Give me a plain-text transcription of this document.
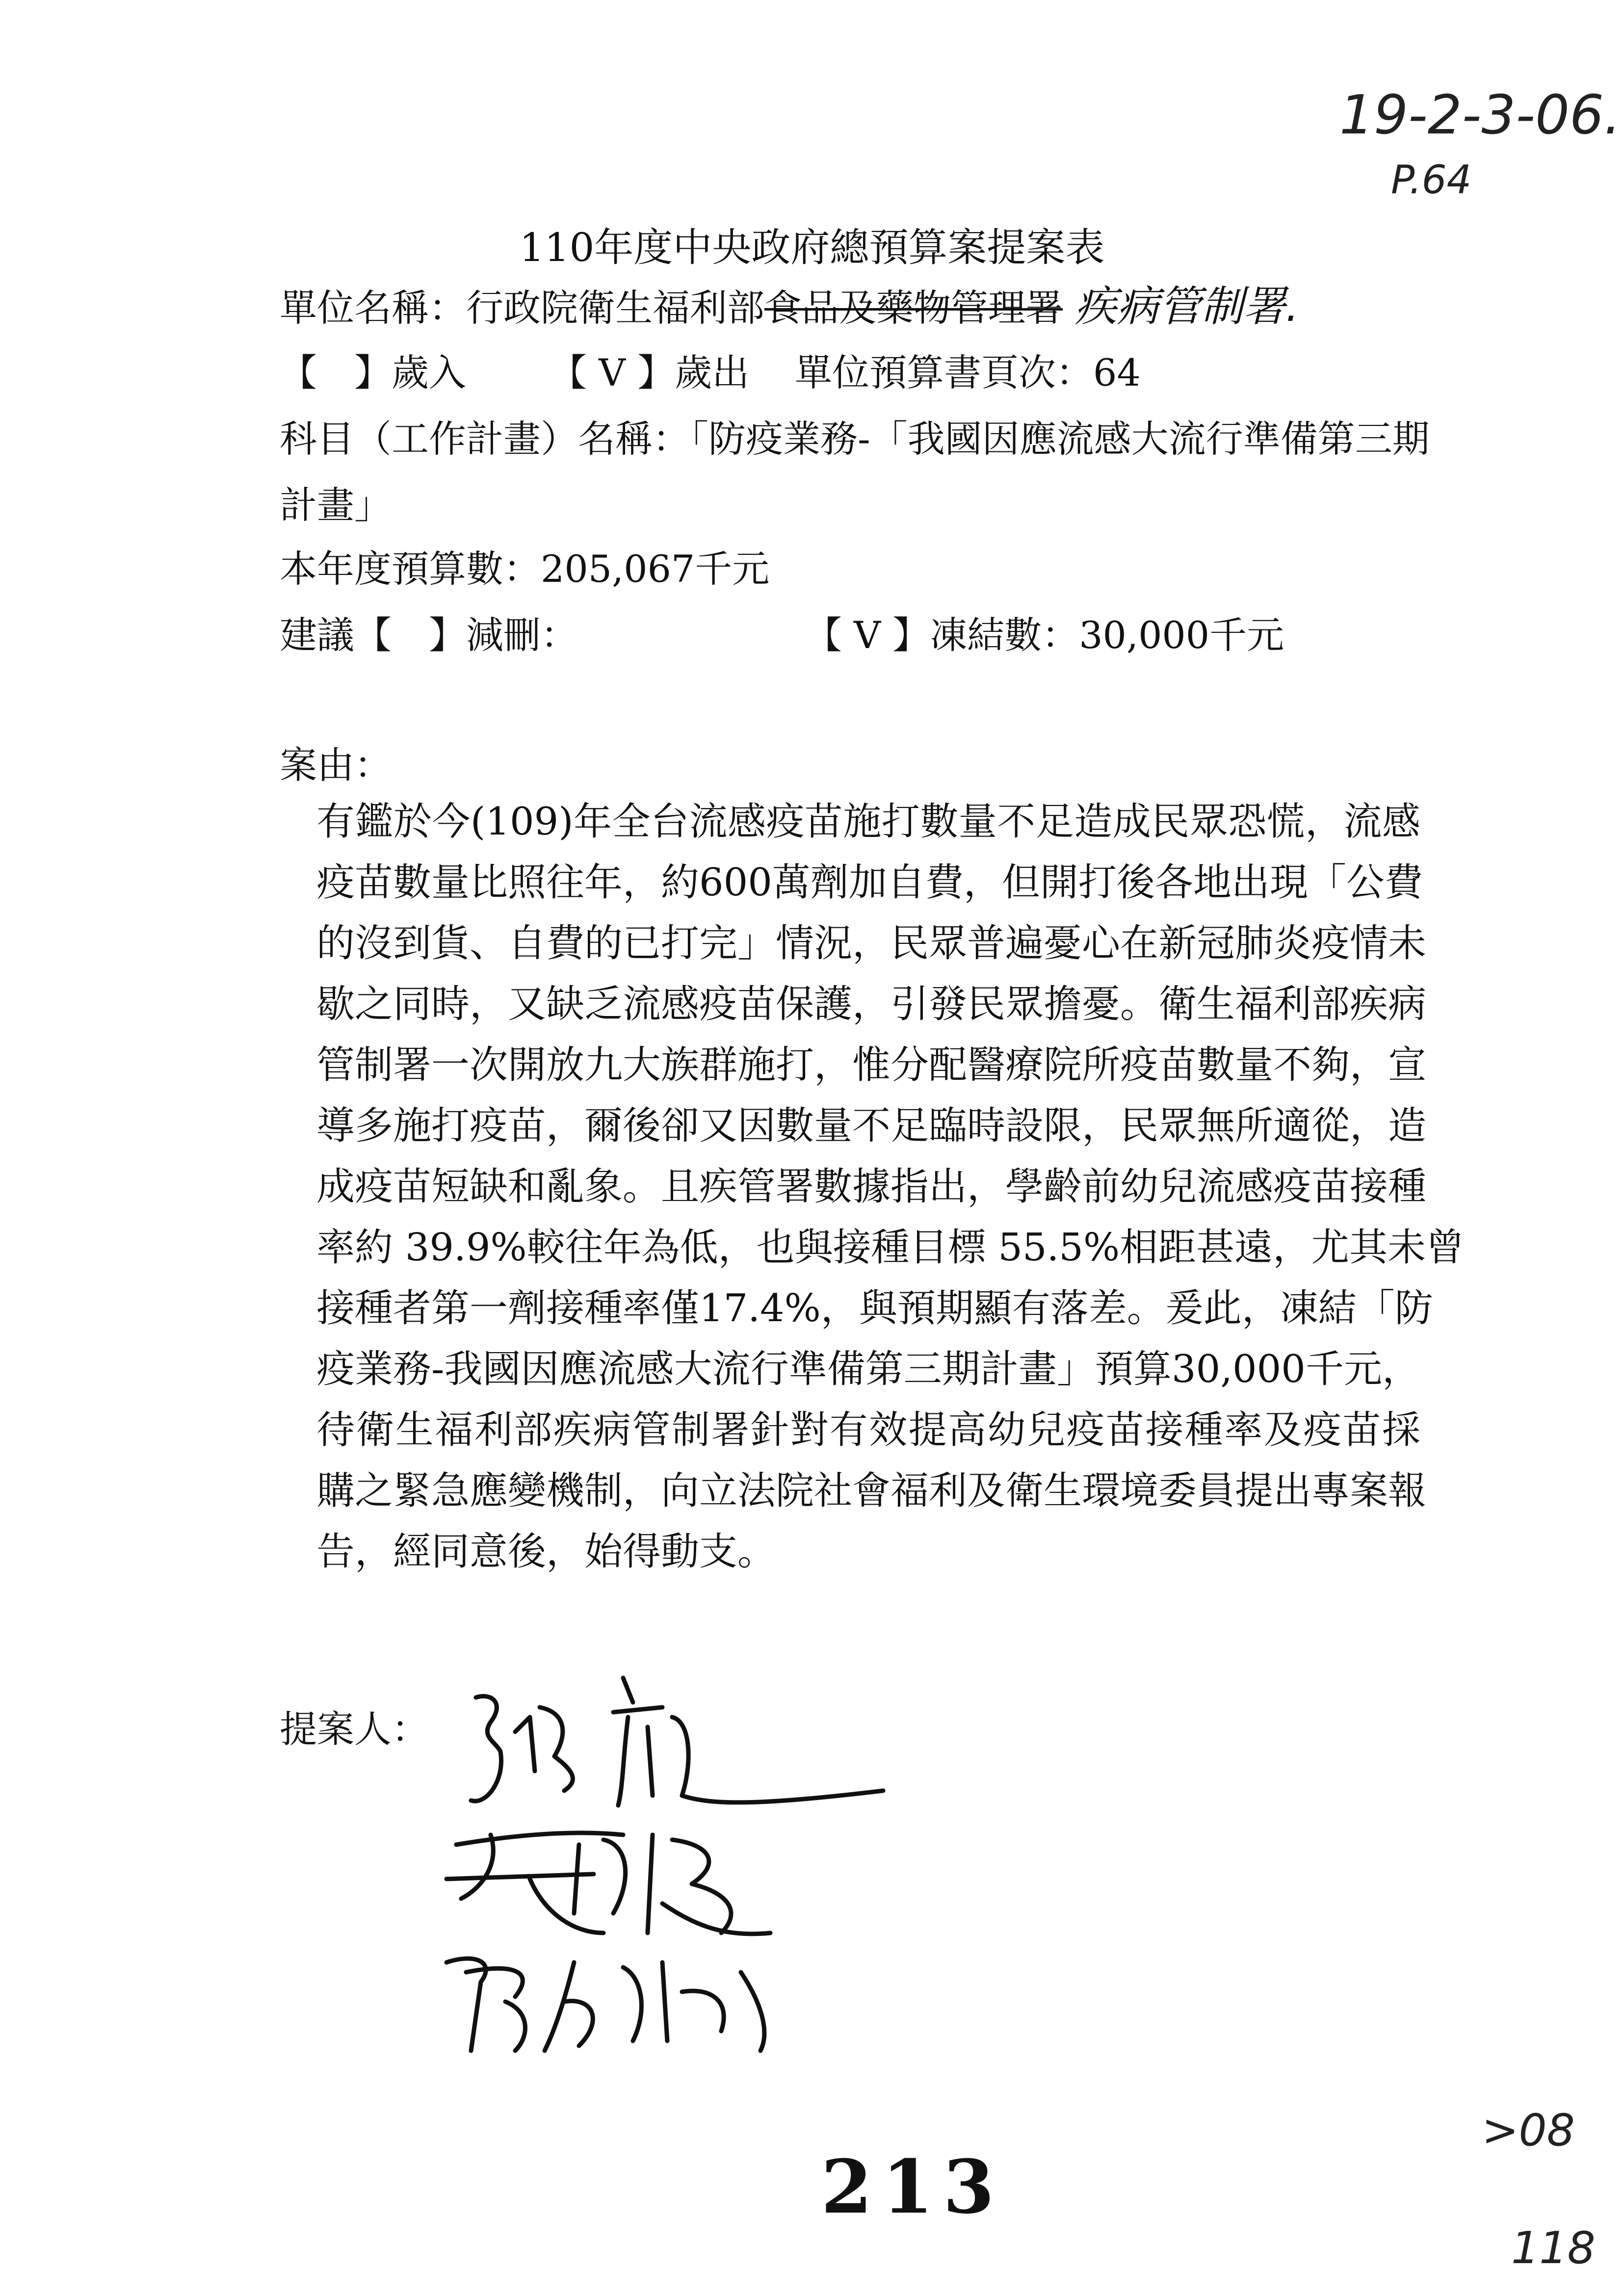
19-2-3-06.
P.64
110年度中央政府總預算案提案表
單位名稱：行政院衛生福利部食品及藥物管理署 疾病管制署.
【　】歲入 【 V 】歲出 單位預算書頁次：64
科目（工作計畫）名稱：「防疫業務-「我國因應流感大流行準備第三期
計畫」
本年度預算數：205,067千元
建議【　】減刪：	【 V 】凍結數：30,000千元
案由：
有鑑於今(109)年全台流感疫苗施打數量不足造成民眾恐慌，流感
疫苗數量比照往年，約600萬劑加自費，但開打後各地出現「公費
的沒到貨、自費的已打完」情況，民眾普遍憂心在新冠肺炎疫情未
歇之同時，又缺乏流感疫苗保護，引發民眾擔憂。衛生福利部疾病
管制署一次開放九大族群施打，惟分配醫療院所疫苗數量不夠，宣
導多施打疫苗，爾後卻又因數量不足臨時設限，民眾無所適從，造
成疫苗短缺和亂象。且疾管署數據指出，學齡前幼兒流感疫苗接種
率約 39.9%較往年為低，也與接種目標 55.5%相距甚遠，尤其未曾
接種者第一劑接種率僅17.4%，與預期顯有落差。爰此，凍結「防
疫業務-我國因應流感大流行準備第三期計畫」預算30,000千元，
待衛生福利部疾病管制署針對有效提高幼兒疫苗接種率及疫苗採
購之緊急應變機制，向立法院社會福利及衛生環境委員提出專案報
告，經同意後，始得動支。
提案人：
213
>08
118
